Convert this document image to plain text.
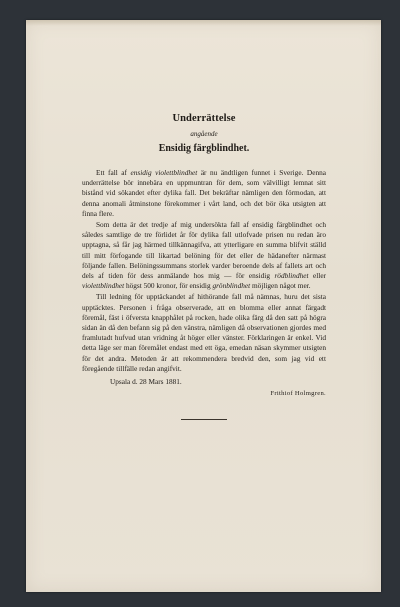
Underrättelse
angående
Ensidig färgblindhet.

Ett fall af ensidig violettblindhet är nu ändtligen funnet i Sverige. Denna underrättelse bör innebära en uppmuntran för dem, som välvilligt lemnat sitt bistånd vid sökandet efter dylika fall. Det bekräftar nämligen den förmodan, att denna anomali åtminstone förekommer i vårt land, och det bör öka utsigten att finna flere.

Som detta är det tredje af mig undersökta fall af ensidig färgblindhet och således samtlige de tre förlidet år för dylika fall utlofvade prisen nu redan äro upptagna, så får jag härmed tillkännagifva, att ytterligare en summa blifvit ställd till mitt förfogande till likartad belöning för det eller de hädanefter närmast följande fallen. Belöningssummans storlek varder beroende dels af fallets art och dels af tiden för dess anmälande hos mig — för ensidig rödblindhet eller violettblindhet högst 500 kronor, för ensidig grönblindhet möjligen något mer.

Till ledning för upptäckandet af hithörande fall må nämnas, huru det sista upptäcktes. Personen i fråga observerade, att en blomma eller annat färgadt föremål, fäst i öfversta knapphålet på rocken, hade olika färg då den satt på högra sidan än då den befann sig på den vänstra, nämligen då observationen gjordes med framlutadt hufvud utan vridning åt höger eller vänster. Förklaringen är enkel. Vid detta läge ser man föremålet endast med ett öga, emedan näsan skymmer utsigten för det andra. Metoden är att rekommendera bredvid den, som jag vid ett föregående tillfälle redan angifvit.

Upsala d. 28 Mars 1881.
Frithiof Holmgren.
